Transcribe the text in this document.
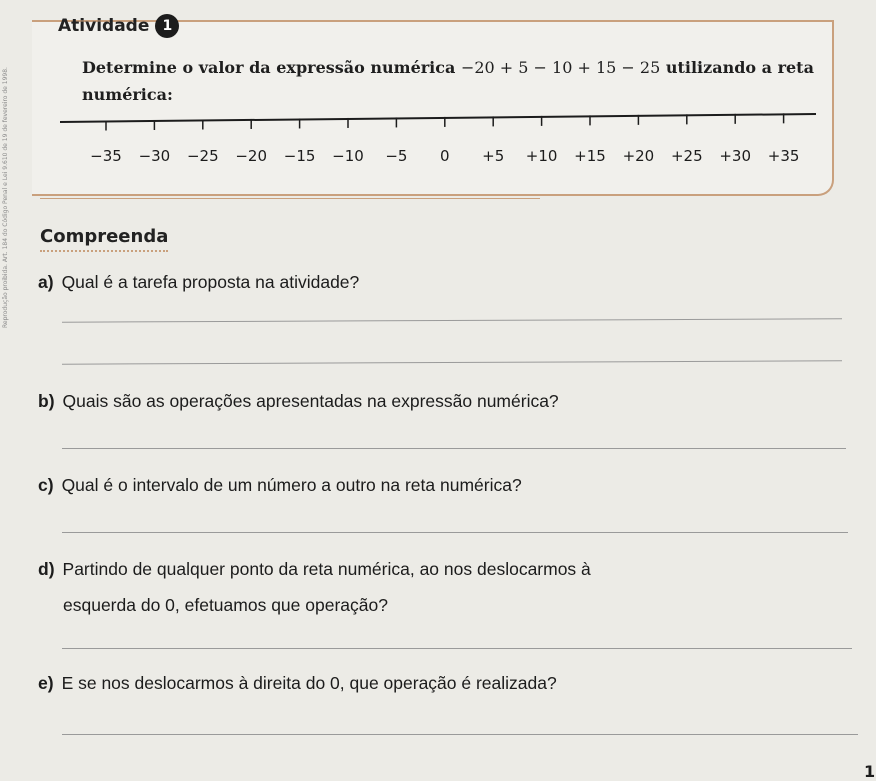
Reprodução proibida. Art. 184 do Código Penal e Lei 9.610 de 19 de fevereiro de 1998.
Atividade 1
Determine o valor da expressão numérica −20 + 5 − 10 + 15 − 25 utilizando a reta numérica:
−35 −30 −25 −20 −15 −10 −5 0 +5 +10 +15 +20 +25 +30 +35
Compreenda
a) Qual é a tarefa proposta na atividade?
b) Quais são as operações apresentadas na expressão numérica?
c) Qual é o intervalo de um número a outro na reta numérica?
d) Partindo de qualquer ponto da reta numérica, ao nos deslocarmos à
esquerda do 0, efetuamos que operação?
e) E se nos deslocarmos à direita do 0, que operação é realizada?
1
